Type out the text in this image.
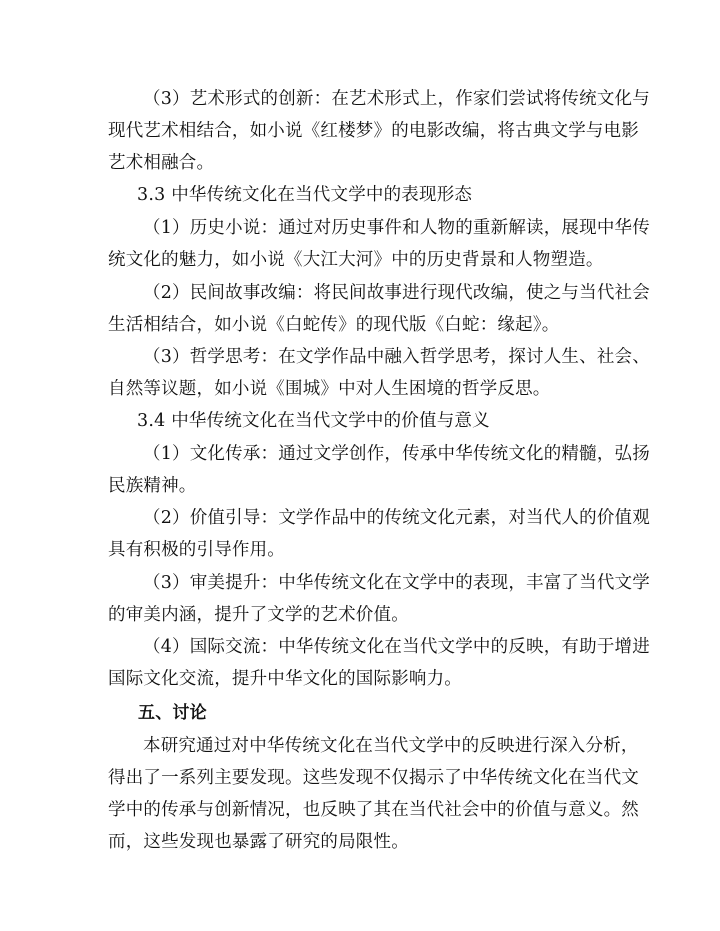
（3）艺术形式的创新：在艺术形式上，作家们尝试将传统文化与
现代艺术相结合，如小说《红楼梦》的电影改编，将古典文学与电影
艺术相融合。
3.3 中华传统文化在当代文学中的表现形态
（1）历史小说：通过对历史事件和人物的重新解读，展现中华传
统文化的魅力，如小说《大江大河》中的历史背景和人物塑造。
（2）民间故事改编：将民间故事进行现代改编，使之与当代社会
生活相结合，如小说《白蛇传》的现代版《白蛇：缘起》。
（3）哲学思考：在文学作品中融入哲学思考，探讨人生、社会、
自然等议题，如小说《围城》中对人生困境的哲学反思。
3.4 中华传统文化在当代文学中的价值与意义
（1）文化传承：通过文学创作，传承中华传统文化的精髓，弘扬
民族精神。
（2）价值引导：文学作品中的传统文化元素，对当代人的价值观
具有积极的引导作用。
（3）审美提升：中华传统文化在文学中的表现，丰富了当代文学
的审美内涵，提升了文学的艺术价值。
（4）国际交流：中华传统文化在当代文学中的反映，有助于增进
国际文化交流，提升中华文化的国际影响力。
五、讨论
本研究通过对中华传统文化在当代文学中的反映进行深入分析，
得出了一系列主要发现。这些发现不仅揭示了中华传统文化在当代文
学中的传承与创新情况，也反映了其在当代社会中的价值与意义。然
而，这些发现也暴露了研究的局限性。
